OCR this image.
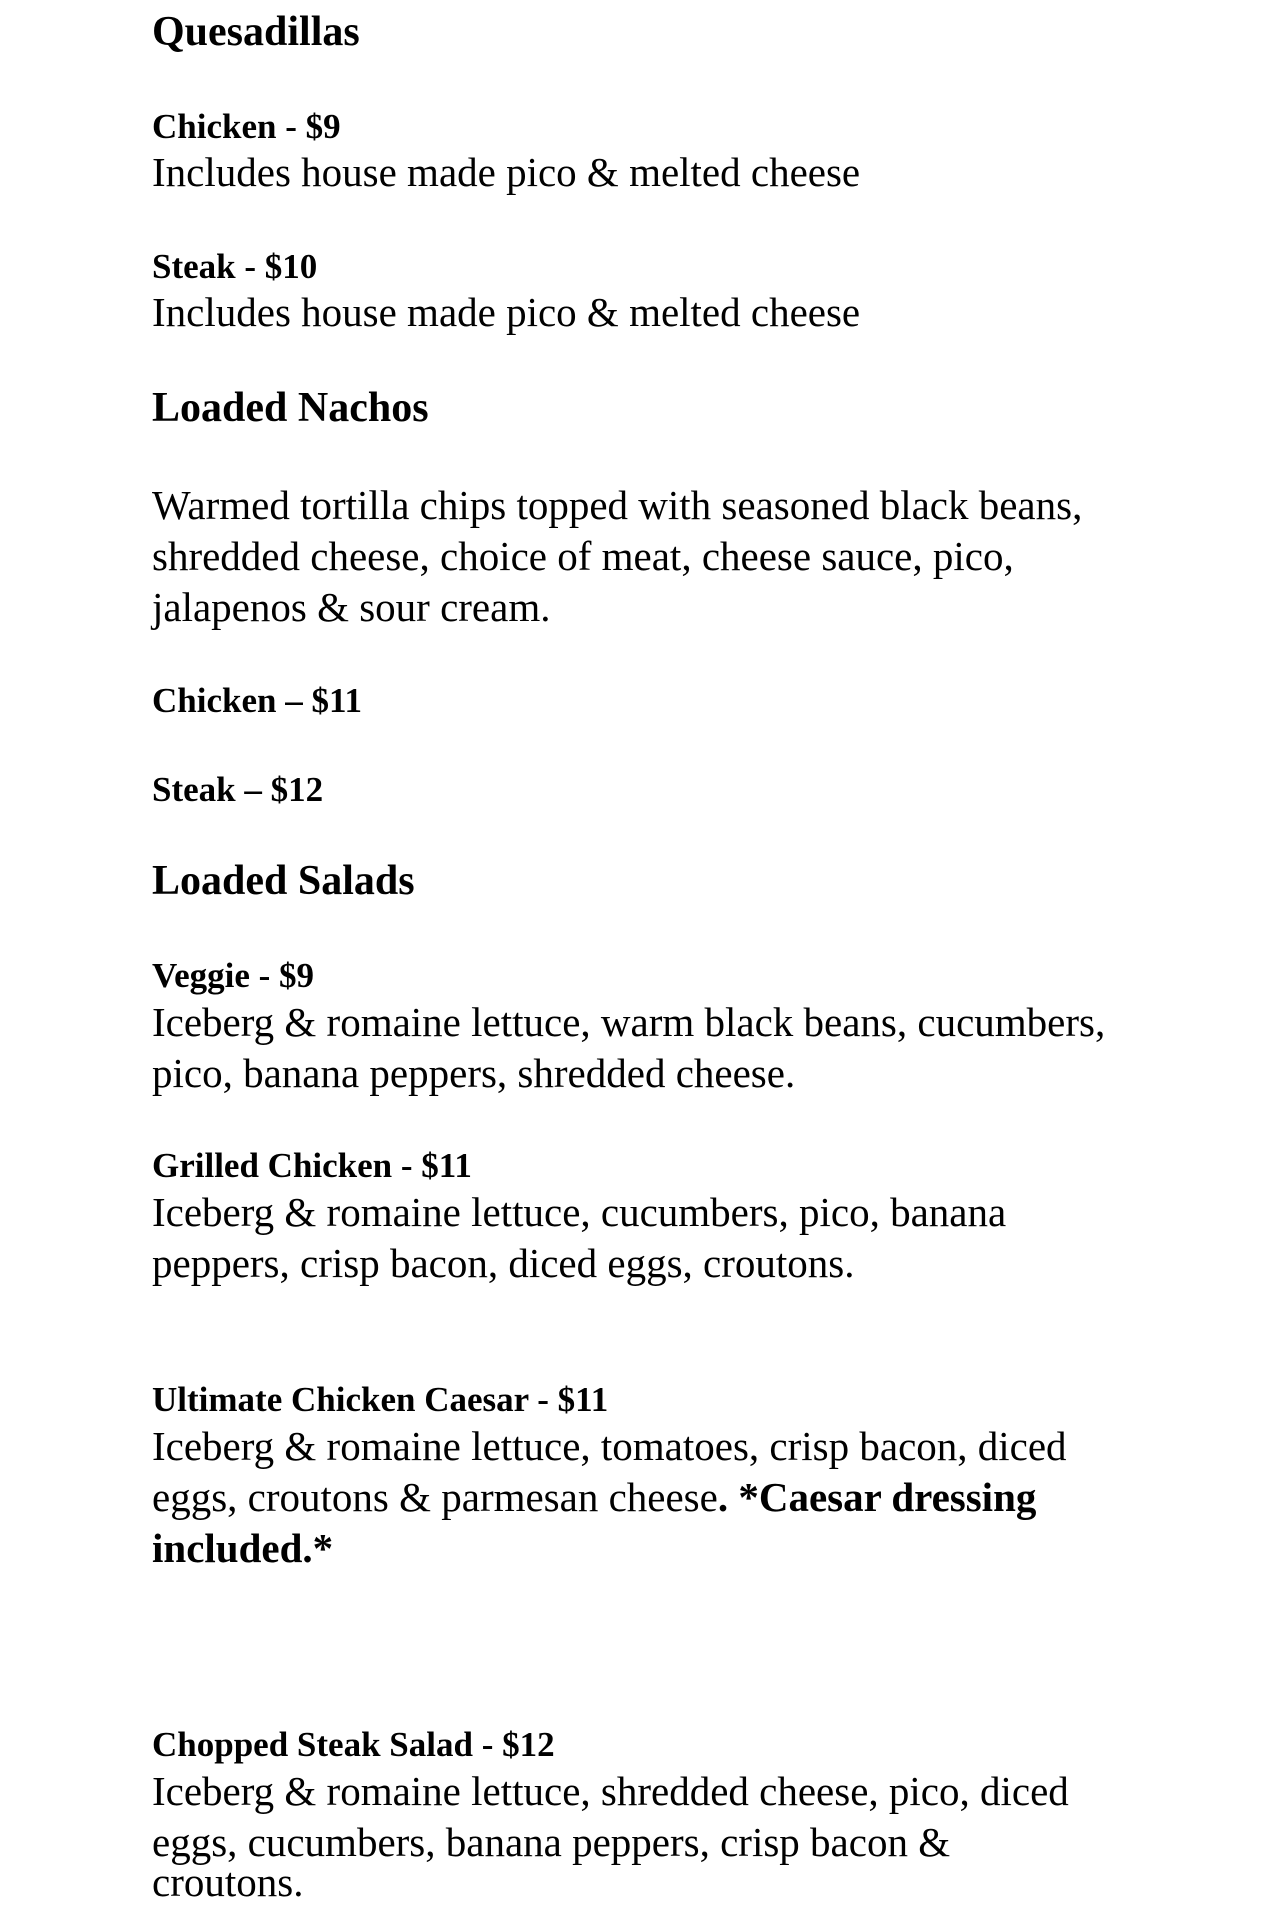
Quesadillas
Chicken - $9
Includes house made pico & melted cheese
Steak - $10
Includes house made pico & melted cheese
Loaded Nachos
Warmed tortilla chips topped with seasoned black beans,
shredded cheese, choice of meat, cheese sauce, pico,
jalapenos & sour cream.
Chicken – $11
Steak – $12
Loaded Salads
Veggie - $9
Iceberg & romaine lettuce, warm black beans, cucumbers,
pico, banana peppers, shredded cheese.
Grilled Chicken - $11
Iceberg & romaine lettuce, cucumbers, pico, banana
peppers, crisp bacon, diced eggs, croutons.
Ultimate Chicken Caesar - $11
Iceberg & romaine lettuce, tomatoes, crisp bacon, diced
eggs, croutons & parmesan cheese. *Caesar dressing
included.*
Chopped Steak Salad - $12
Iceberg & romaine lettuce, shredded cheese, pico, diced
eggs, cucumbers, banana peppers, crisp bacon &
croutons.
